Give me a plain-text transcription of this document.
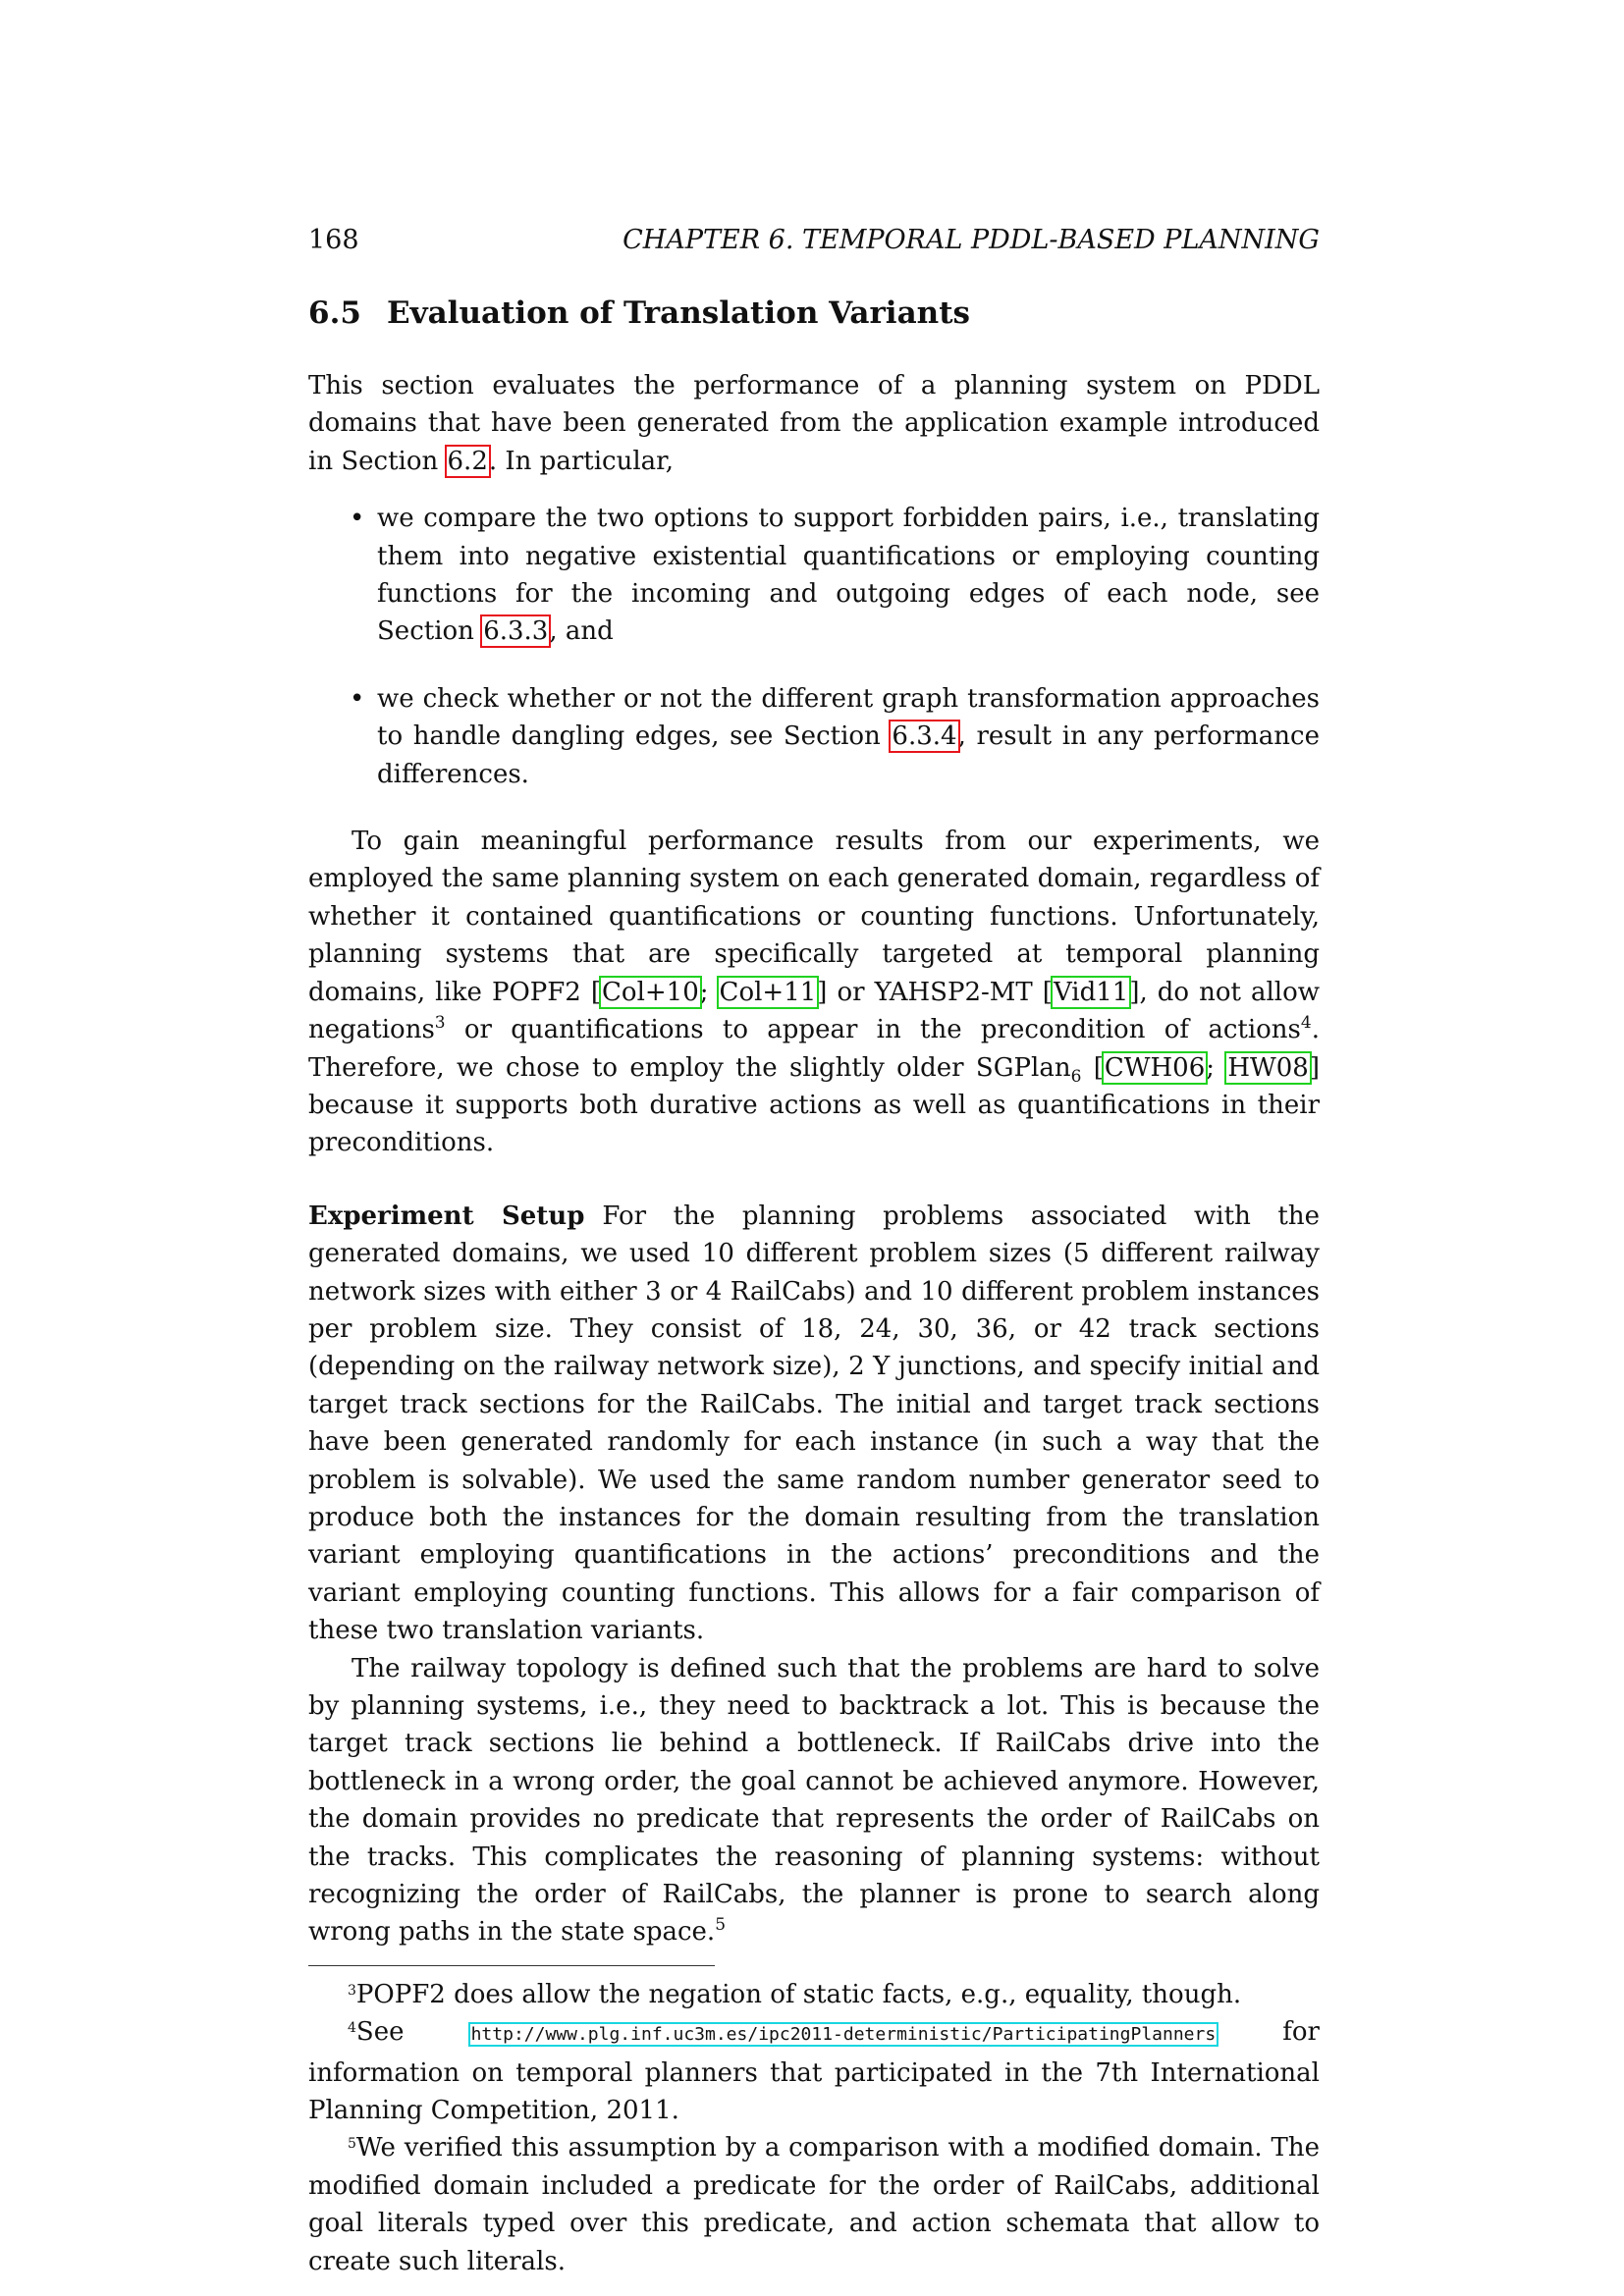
168	CHAPTER 6. TEMPORAL PDDL-BASED PLANNING
6.5 Evaluation of Translation Variants

This section evaluates the performance of a planning system on PDDL domains that have been generated from the application example introduced in Section 6.2. In particular,

• we compare the two options to support forbidden pairs, i.e., translating them into negative existential quantifications or employing counting functions for the incoming and outgoing edges of each node, see Section 6.3.3, and
• we check whether or not the different graph transformation approaches to handle dangling edges, see Section 6.3.4, result in any performance differences.

To gain meaningful performance results from our experiments, we employed the same planning system on each generated domain, regardless of whether it contained quantifications or counting functions. Unfortunately, planning systems that are specifically targeted at temporal planning domains, like POPF2 [Col+10; Col+11] or YAHSP2-MT [Vid11], do not allow negations$^3$ or quantifications to appear in the precondition of actions$^4$. Therefore, we chose to employ the slightly older SGPlan$_6$ [CWH06; HW08] because it supports both durative actions as well as quantifications in their preconditions.

Experiment Setup For the planning problems associated with the generated domains, we used 10 different problem sizes (5 different railway network sizes with either 3 or 4 RailCabs) and 10 different problem instances per problem size. They consist of 18, 24, 30, 36, or 42 track sections (depending on the railway network size), 2 Y junctions, and specify initial and target track sections for the RailCabs. The initial and target track sections have been generated randomly for each instance (in such a way that the problem is solvable). We used the same random number generator seed to produce both the instances for the domain resulting from the translation variant employing quantifications in the actions’ preconditions and the variant employing counting functions. This allows for a fair comparison of these two translation variants.

The railway topology is defined such that the problems are hard to solve by planning systems, i.e., they need to backtrack a lot. This is because the target track sections lie behind a bottleneck. If RailCabs drive into the bottleneck in a wrong order, the goal cannot be achieved anymore. However, the domain provides no predicate that represents the order of RailCabs on the tracks. This complicates the reasoning of planning systems: without recognizing the order of RailCabs, the planner is prone to search along wrong paths in the state space.$^5$

$^3$POPF2 does allow the negation of static facts, e.g., equality, though.

$^4$See http://www.plg.inf.uc3m.es/ipc2011-deterministic/ParticipatingPlanners for information on temporal planners that participated in the 7th International Planning Competition, 2011.

$^5$We verified this assumption by a comparison with a modified domain. The modified domain included a predicate for the order of RailCabs, additional goal literals typed over this predicate, and action schemata that allow to create such literals.
